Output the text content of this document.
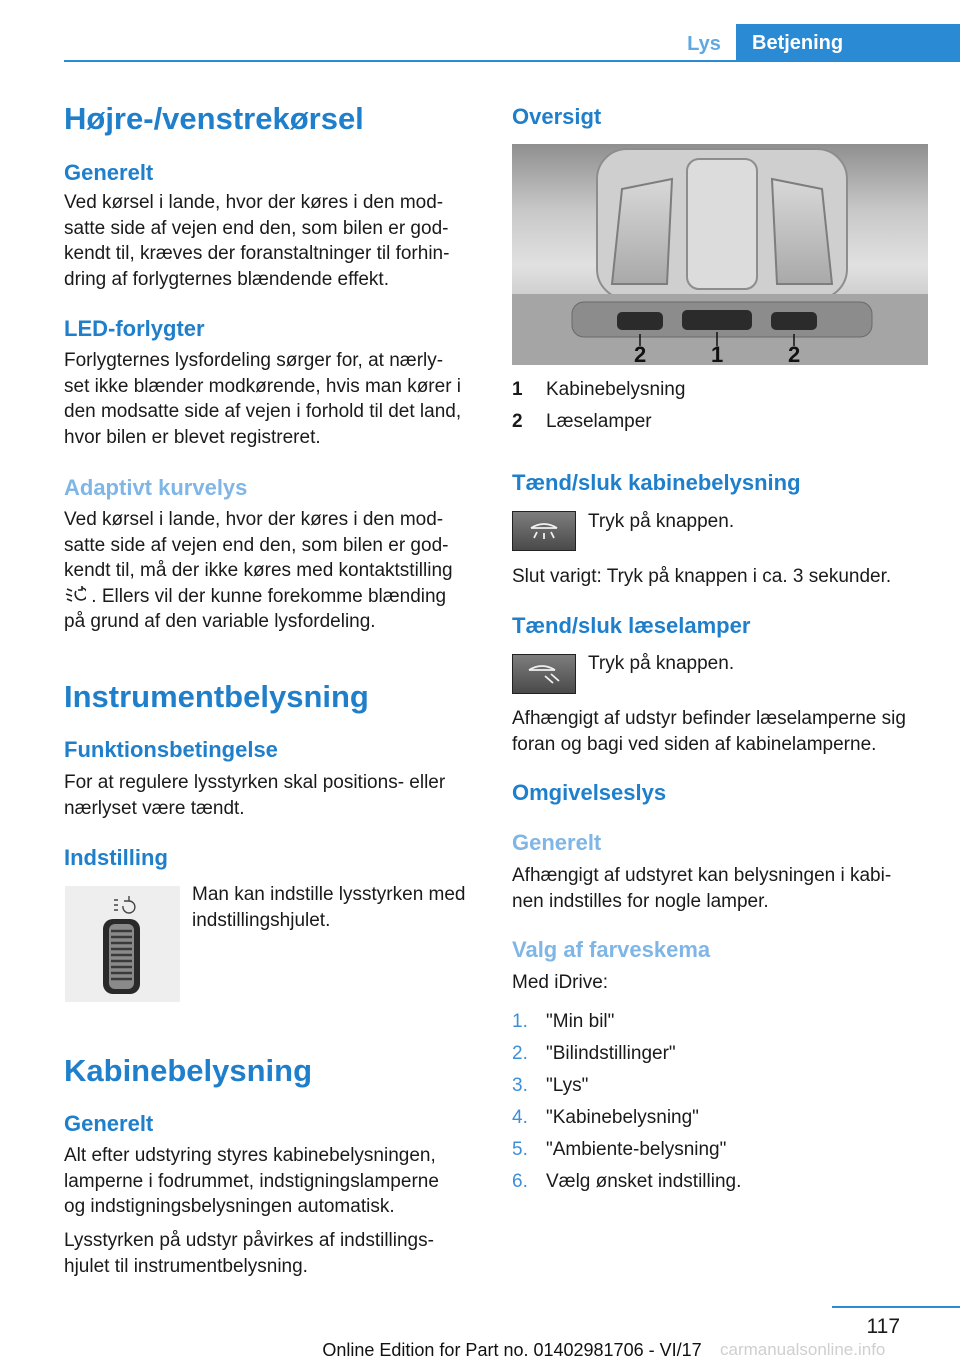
Lys	Betjening
Højre-/venstrekørsel
Generelt
Ved kørsel i lande, hvor der køres i den mod-
satte side af vejen end den, som bilen er god-
kendt til, kræves der foranstaltninger til forhin-
dring af forlygternes blændende effekt.
LED-forlygter
Forlygternes lysfordeling sørger for, at nærly-
set ikke blænder modkørende, hvis man kører i
den modsatte side af vejen i forhold til det land,
hvor bilen er blevet registreret.
Adaptivt kurvelys
Ved kørsel i lande, hvor der køres i den mod-
satte side af vejen end den, som bilen er god-
kendt til, må der ikke køres med kontaktstilling
. Ellers vil der kunne forekomme blænding
på grund af den variable lysfordeling.
Instrumentbelysning
Funktionsbetingelse
For at regulere lysstyrken skal positions- eller
nærlyset være tændt.
Indstilling
Man kan indstille lysstyrken med
indstillingshjulet.
Kabinebelysning
Generelt
Alt efter udstyring styres kabinebelysningen,
lamperne i fodrummet, indstigningslamperne
og indstigningsbelysningen automatisk.
Lysstyrken på udstyr påvirkes af indstillings-
hjulet til instrumentbelysning.
Oversigt
2	1	2
1 Kabinebelysning
2 Læselamper
Tænd/sluk kabinebelysning
Tryk på knappen.
Slut varigt: Tryk på knappen i ca. 3 sekunder.
Tænd/sluk læselamper
Tryk på knappen.
Afhængigt af udstyr befinder læselamperne sig
foran og bagi ved siden af kabinelamperne.
Omgivelseslys
Generelt
Afhængigt af udstyret kan belysningen i kabi-
nen indstilles for nogle lamper.
Valg af farveskema
Med iDrive:
1. "Min bil"
2. "Bilindstillinger"
3. "Lys"
4. "Kabinebelysning"
5. "Ambiente-belysning"
6. Vælg ønsket indstilling.
117
carmanualsonline.info
Online Edition for Part no. 01402981706 - VI/17
